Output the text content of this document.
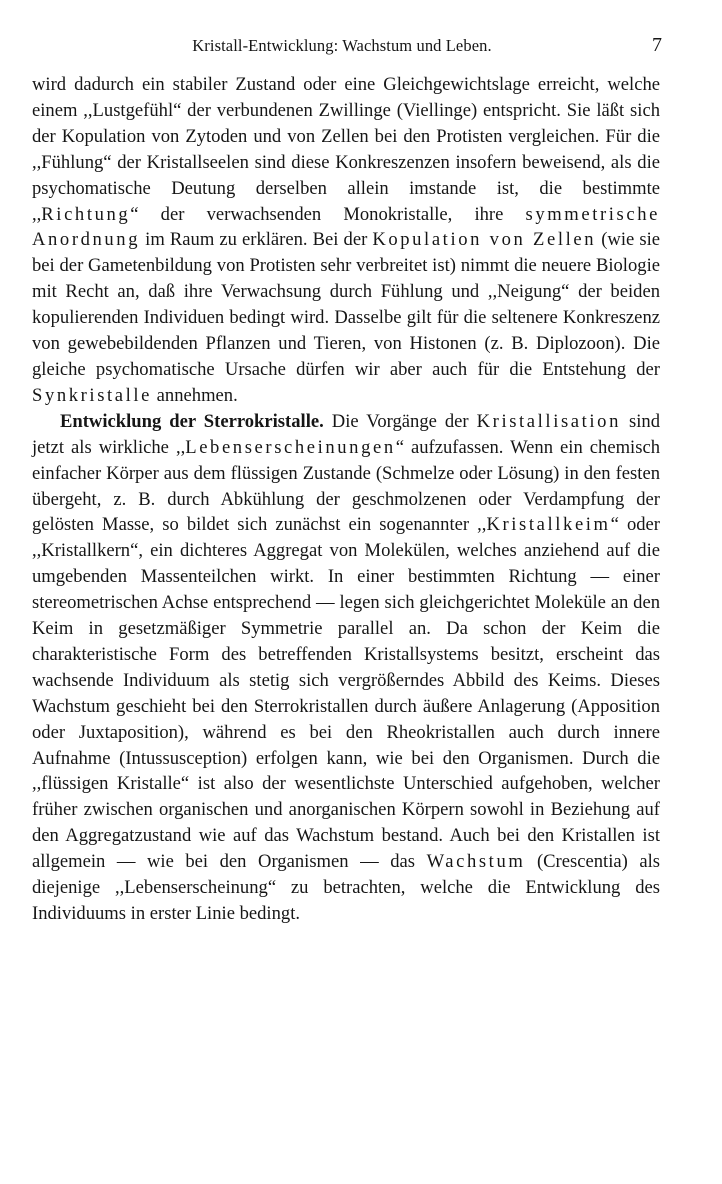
Kristall-Entwicklung: Wachstum und Leben.	7

wird dadurch ein stabiler Zustand oder eine Gleichgewichtslage erreicht, welche einem ,,Lustgefühl“ der verbundenen Zwillinge (Viellinge) entspricht. Sie läßt sich der Kopulation von Zytoden und von Zellen bei den Protisten vergleichen. Für die ,,Fühlung“ der Kristallseelen sind diese Konkreszenzen insofern beweisend, als die psychomatische Deutung derselben allein imstande ist, die bestimmte ,,Richtung“ der verwachsenden Monokristalle, ihre symmetrische Anordnung im Raum zu erklären. Bei der Kopulation von Zellen (wie sie bei der Gametenbildung von Protisten sehr verbreitet ist) nimmt die neuere Biologie mit Recht an, daß ihre Verwachsung durch Fühlung und ,,Neigung“ der beiden kopulierenden Individuen bedingt wird. Dasselbe gilt für die seltenere Konkreszenz von gewebebildenden Pflanzen und Tieren, von Histonen (z. B. Diplozoon). Die gleiche psychomatische Ursache dürfen wir aber auch für die Entstehung der Synkristalle annehmen.

Entwicklung der Sterrokristalle. Die Vorgänge der Kristallisation sind jetzt als wirkliche ,,Lebenserscheinungen“ aufzufassen. Wenn ein chemisch einfacher Körper aus dem flüssigen Zustande (Schmelze oder Lösung) in den festen übergeht, z. B. durch Abkühlung der geschmolzenen oder Verdampfung der gelösten Masse, so bildet sich zunächst ein sogenannter ,,Kristallkeim“ oder ,,Kristallkern“, ein dichteres Aggregat von Molekülen, welches anziehend auf die umgebenden Massenteilchen wirkt. In einer bestimmten Richtung — einer stereometrischen Achse entsprechend — legen sich gleichgerichtet Moleküle an den Keim in gesetzmäßiger Symmetrie parallel an. Da schon der Keim die charakteristische Form des betreffenden Kristallsystems besitzt, erscheint das wachsende Individuum als stetig sich vergrößerndes Abbild des Keims. Dieses Wachstum geschieht bei den Sterrokristallen durch äußere Anlagerung (Apposition oder Juxtaposition), während es bei den Rheokristallen auch durch innere Aufnahme (Intussusception) erfolgen kann, wie bei den Organismen. Durch die ,,flüssigen Kristalle“ ist also der wesentlichste Unterschied aufgehoben, welcher früher zwischen organischen und anorganischen Körpern sowohl in Beziehung auf den Aggregatzustand wie auf das Wachstum bestand. Auch bei den Kristallen ist allgemein — wie bei den Organismen — das Wachstum (Crescentia) als diejenige ,,Lebenserscheinung“ zu betrachten, welche die Entwicklung des Individuums in erster Linie bedingt.
